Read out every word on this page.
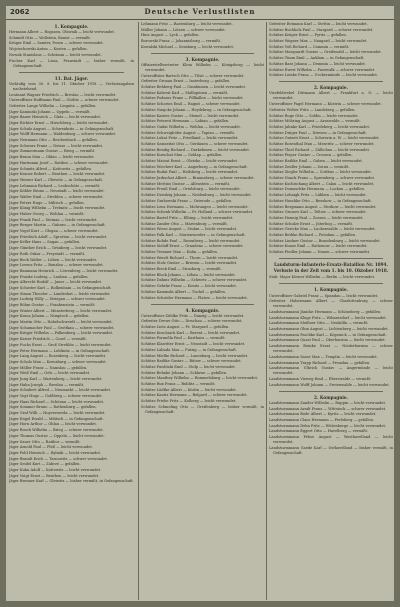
2062	Deutsche Verlustlisten
1. Kompagnie.
Hermann Albert — Rogasen, Obornik — leicht verwundet.
Schmidt Otto — Wollstein, Bomst — vermißt.
Krüger Emil — Samter, Posen — schwer verwundet.
Wojciechowski Anton — Kosten — gefallen.
Nowak Stanislaus — Schrimm — leicht verwundet.
Fischer Karl — Lissa, Fraustadt — bisher vermißt, in Gefangenschaft.
11. Bat. Jäger.
Vorläufig vom 30. 9. bis 11. Oktober 1918 — Verlustangaben nachstehend.
Leutnant Wagner Friedrich — Breslau — leicht verwundet.
Unteroffizier Hoffmann Paul — Görlitz — schwer verwundet.
Gefreiter Lange Wilhelm — Liegnitz — gefallen.
Jäger Kaminski Johann — Oppeln — vermißt.
Jäger Bauer Heinrich — Glatz — leicht verwundet.
Jäger Richter Ernst — Hirschberg — leicht verwundet.
Jäger Schulz August — Schweidnitz — in Gefangenschaft.
Jäger Wolff Hermann — Waldenburg — schwer verwundet.
Jäger Neumann Otto — Reichenbach — gefallen.
Jäger Schwarz Franz — Neisse — leicht verwundet.
Jäger Zimmermann Gustav — Brieg — vermißt.
Jäger Braun Max — Ohlau — leicht verwundet.
Jäger Hartmann Josef — Ratibor — schwer verwundet.
Jäger Schmitz Alfred — Kattowitz — gefallen.
Jäger Krause Robert — Beuthen — leicht verwundet.
Jäger Werner Karl — Gleiwitz — in Gefangenschaft.
Jäger Lehmann Richard — Leobschütz — vermißt.
Jäger Köhler Bruno — Neustadt — leicht verwundet.
Jäger Walter Emil — Strehlen — schwer verwundet.
Jäger Peters Hugo — Militsch — gefallen.
Jäger König Wilhelm — Trebnitz — leicht verwundet.
Jäger Huber Georg — Wohlau — vermißt.
Jäger Frank Paul — Steinau — leicht verwundet.
Jäger Berger Martin — Guhrau — in Gefangenschaft.
Jäger Vogel Kurt — Glogau — schwer verwundet.
Jäger Friedrich Adolf — Sprottau — leicht verwundet.
Jäger Keller Hans — Sagan — gefallen.
Jäger Günther Erich — Grünberg — leicht verwundet.
Jäger Roth Oskar — Freystadt — vermißt.
Jäger Beck Walter — Lüben — leicht verwundet.
Jäger Lorenz Fritz — Bunzlau — schwer verwundet.
Jäger Baumann Heinrich — Löwenberg — leicht verwundet.
Jäger Franke Ludwig — Lauban — gefallen.
Jäger Albrecht Rudolf — Jauer — leicht verwundet.
Jäger Schuster Karl — Bolkenhain — in Gefangenschaft.
Jäger Simon Theodor — Landeshut — leicht verwundet.
Jäger Ludwig Willy — Striegau — schwer verwundet.
Jäger Böhm Gustav — Frankenstein — vermißt.
Jäger Winter Albert — Münsterberg — leicht verwundet.
Jäger Kraus Johann — Nimptsch — gefallen.
Jäger Martin Otto — Habelschwerdt — leicht verwundet.
Jäger Schumacher Paul — Grottkau — schwer verwundet.
Jäger Krüger Wilhelm — Falkenberg — leicht verwundet.
Jäger Kaiser Friedrich — Cosel — vermißt.
Jäger Fuchs Ernst — Groß Strehlitz — leicht verwundet.
Jäger Peter Hermann — Lublinitz — in Gefangenschaft.
Jäger Lang August — Rosenberg — leicht verwundet.
Jäger Scholz Max — Kreuzburg — schwer verwundet.
Jäger Möller Franz — Namslau — gefallen.
Jäger Weiß Emil — Oels — leicht verwundet.
Jäger Jung Karl — Wartenberg — leicht verwundet.
Jäger Hahn Joseph — Breslau — vermißt.
Jäger Schubert Alfred — Neumarkt — leicht verwundet.
Jäger Vogt Hugo — Goldberg — schwer verwundet.
Jäger Haas Richard — Schönau — leicht verwundet.
Jäger Sommer Bruno — Rothenburg — gefallen.
Jäger Graf Willi — Hoyerswerda — leicht verwundet.
Jäger Engel Ewald — Militsch — in Gefangenschaft.
Jäger Horn Arthur — Ohlau — leicht verwundet.
Jäger Busch Wilhelm — Brieg — schwer verwundet.
Jäger Thomas Gustav — Oppeln — leicht verwundet.
Jäger Sauer Otto — Ratibor — vermißt.
Jäger Arnold Paul — Pleß — leicht verwundet.
Jäger Pohl Heinrich — Rybnik — leicht verwundet.
Jäger Brandt Erich — Tarnowitz — schwer verwundet.
Jäger Seidel Kurt — Zabrze — gefallen.
Jäger Kuhn Adolf — Kattowitz — leicht verwundet.
Jäger Voigt Ernst — Beuthen — leicht verwundet.
Jäger Brenner Karl — Gleiwitz — bisher vermißt, in Gefangenschaft.
Lehmann Fritz — Rastenburg — leicht verwundet.
Müller Johann — Lötzen — schwer verwundet.
Hinz August — Lyck — gefallen.
Borowski Franz — Johannisburg — vermißt.
Kowalski Michael — Sensburg — leicht verwundet.
3. Kompagnie.
Offizierstellvertreter Klein Wilhelm — Königsberg — leicht verwundet.
Unteroffizier Bartsch Otto — Tilsit — schwer verwundet.
Gefreiter Gronau Ernst — Insterburg — gefallen.
Schütze Rehberg Paul — Gumbinnen — leicht verwundet.
Schütze Kalweit Karl — Stallupönen — vermißt.
Schütze Podszus Franz — Pillkallen — leicht verwundet.
Schütze Schories Emil — Ragnit — schwer verwundet.
Schütze Naujoks Johann — Heydekrug — in Gefangenschaft.
Schütze Kairies Gustav — Memel — leicht verwundet.
Schütze Petereit Hermann — Labiau — gefallen.
Schütze Gudat Wilhelm — Wehlau — leicht verwundet.
Schütze Schweighöfer August — Tapiau — vermißt.
Schütze Lukat Fritz — Friedland — leicht verwundet.
Schütze Szameitat Otto — Gerdauen — schwer verwundet.
Schütze Bendig Richard — Darkehmen — leicht verwundet.
Schütze Kurschat Max — Goldap — gefallen.
Schütze Matzat Ernst — Oletzko — leicht verwundet.
Schütze Wiechert Karl — Angerburg — in Gefangenschaft.
Schütze Rudat Paul — Heilsberg — leicht verwundet.
Schütze Jurkschat Albert — Braunsberg — schwer verwundet.
Schütze Mertins Gustav — Allenstein — vermißt.
Schütze Preuß Emil — Ortelsburg — leicht verwundet.
Schütze Dziedzig Johann — Neidenburg — leicht verwundet.
Schütze Grabowski Franz — Osterode — gefallen.
Schütze Lenz Hermann — Mohrungen — leicht verwundet.
Schütze Schenk Wilhelm — Pr. Holland — schwer verwundet.
Schütze Bartel Fritz — Elbing — leicht verwundet.
Schütze Zander Otto — Marienburg — vermißt.
Schütze Wiese August — Stuhm — leicht verwundet.
Schütze Falk Karl — Marienwerder — in Gefangenschaft.
Schütze Rohde Paul — Rosenberg — leicht verwundet.
Schütze Sielaff Ernst — Graudenz — schwer verwundet.
Schütze Tessmer Max — Kulm — gefallen.
Schütze Wendt Richard — Thorn — leicht verwundet.
Schütze Stolz Gustav — Briesen — leicht verwundet.
Schütze Rieck Emil — Strasburg — vermißt.
Schütze Block Johann — Löbau — leicht verwundet.
Schütze Dahms Wilhelm — Schwetz — schwer verwundet.
Schütze Gehrke Franz — Konitz — leicht verwundet.
Schütze Kaminski Albert — Tuchel — gefallen.
Schütze Schröder Hermann — Flatow — leicht verwundet.
4. Kompagnie.
Unteroffizier Zühlke Fritz — Danzig — leicht verwundet.
Gefreiter Drews Otto — Dirschau — schwer verwundet.
Schütze Lietz August — Pr. Stargard — gefallen.
Schütze Koschnick Karl — Berent — leicht verwundet.
Schütze Formella Paul — Karthaus — vermißt.
Schütze Klawitter Ernst — Neustadt — leicht verwundet.
Schütze Labuda Max — Putzig — in Gefangenschaft.
Schütze Mielke Richard — Lauenburg — leicht verwundet.
Schütze Radtke Gustav — Bütow — schwer verwundet.
Schütze Pawlitzki Emil — Stolp — leicht verwundet.
Schütze Behnke Johann — Schlawe — gefallen.
Schütze Manthey Wilhelm — Rummelsburg — leicht verwundet.
Schütze Rux Franz — Bublitz — vermißt.
Schütze Lüdtke Albert — Köslin — leicht verwundet.
Schütze Kanitz Hermann — Belgard — schwer verwundet.
Schütze Priebe Fritz — Kolberg — leicht verwundet.
Schütze Schmeling Otto — Greifenberg — bisher vermißt, in Gefangenschaft.
Gefreiter Reimann Karl — Stettin — leicht verwundet.
Schütze Buchholz Paul — Stargard — schwer verwundet.
Schütze Krüger Ernst — Pyritz — gefallen.
Schütze Wegner Max — Naugard — leicht verwundet.
Schütze Voß Richard — Cammin — vermißt.
Schütze Marquardt Gustav — Greifswald — leicht verwundet.
Schütze Timm Emil — Anklam — in Gefangenschaft.
Schütze Barz Johann — Demmin — leicht verwundet.
Schütze Ewert Wilhelm — Pasewalk — schwer verwundet.
Schütze Lemke Franz — Ueckermünde — leicht verwundet.
2. Kompagnie.
Vizefeldwebel Dittmann Albert — Frankfurt a. O. — leicht verwundet.
Unteroffizier Pagel Hermann — Küstrin — schwer verwundet.
Gefreiter Wolter Fritz — Landsberg — gefallen.
Schütze Ruge Otto — Soldin — leicht verwundet.
Schütze Möhring August — Arnswalde — vermißt.
Schütze Jahnke Karl — Friedeberg — leicht verwundet.
Schütze Dräger Paul — Driesen — in Gefangenschaft.
Schütze Gutzeit Ernst — Schwerin a. W. — leicht verwundet.
Schütze Rosenthal Max — Meseritz — schwer verwundet.
Schütze Thiel Richard — Züllichau — leicht verwundet.
Schütze Pieper Gustav — Crossen — gefallen.
Schütze Rathke Emil — Guben — leicht verwundet.
Schütze Zeidler Johann — Sorau — vermißt.
Schütze Ziegler Wilhelm — Cottbus — leicht verwundet.
Schütze Noack Franz — Spremberg — schwer verwundet.
Schütze Kschischang Albert — Calau — leicht verwundet.
Schütze Domaschke Hermann — Luckau — gefallen.
Schütze Lehnigk Fritz — Lübben — leicht verwundet.
Schütze Haschke Otto — Beeskow — in Gefangenschaft.
Schütze Bergmann August — Storkow — leicht verwundet.
Schütze Grunow Karl — Teltow — schwer verwundet.
Schütze Hennig Paul — Zossen — leicht verwundet.
Schütze Schulze Ernst — Jüterbog — vermißt.
Schütze Gericke Max — Luckenwalde — leicht verwundet.
Schütze Bethke Richard — Potsdam — gefallen.
Schütze Lindner Gustav — Brandenburg — leicht verwundet.
Schütze Kunze Emil — Rathenow — leicht verwundet.
Schütze Fiedler Johann — Nauen — schwer verwundet.
Landsturm-Infanterie-Ersatz-Bataillon Nr. 1894. Verluste in der Zeit vom 1. bis 10. Oktober 1918.
Stab: Major Körner Wilhelm — Berlin — leicht verwundet.
1. Kompagnie.
Unteroffizier Gabriel Franz — Spandau — leicht verwundet.
Gefreiter Habermann Albert — Charlottenburg — schwer verwundet.
Landsturmmann Jänicke Hermann — Schöneberg — gefallen.
Landsturmmann Kluge Fritz — Wilmersdorf — leicht verwundet.
Landsturmmann Meißner Otto — Neukölln — vermißt.
Landsturmmann Ohm August — Lichtenberg — leicht verwundet.
Landsturmmann Paschke Karl — Köpenick — in Gefangenschaft.
Landsturmmann Quast Paul — Oberbarnim — leicht verwundet.
Landsturmmann Reinke Ernst — Niederbarnim — schwer verwundet.
Landsturmmann Sasse Max — Templin — leicht verwundet.
Landsturmmann Trapp Richard — Prenzlau — gefallen.
Landsturmmann Ulbrich Gustav — Angermünde — leicht verwundet.
Landsturmmann Vieweg Emil — Eberswalde — vermißt.
Landsturmmann Wolff Johann — Freienwalde — leicht verwundet.
2. Kompagnie.
Landsturmmann Zander Wilhelm — Ruppin — leicht verwundet.
Landsturmmann Arndt Franz — Wittstock — schwer verwundet.
Landsturmmann Bode Albert — Kyritz — leicht verwundet.
Landsturmmann Claus Hermann — Perleberg — gefallen.
Landsturmmann Dehn Fritz — Wittenberge — leicht verwundet.
Landsturmmann Eggert Otto — Havelberg — vermißt.
Landsturmmann Fehse August — Westhavelland — leicht verwundet.
Landsturmmann Gaede Karl — Osthavelland — bisher vermißt, in Gefangenschaft.
